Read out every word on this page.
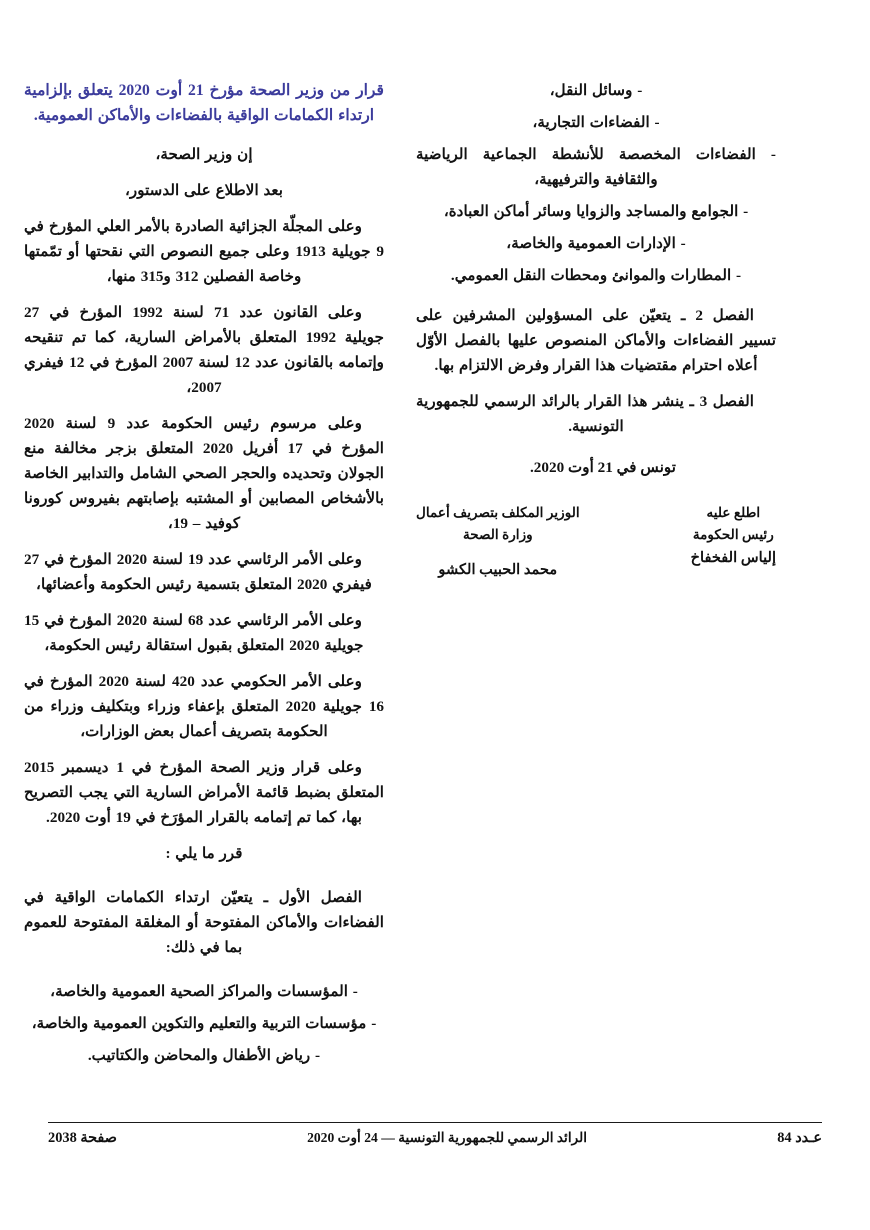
قرار من وزير الصحة مؤرخ 21 أوت 2020 يتعلق بإلزامية ارتداء الكمامات الواقية بالفضاءات والأماكن العمومية.
إن وزير الصحة،
بعد الاطلاع على الدستور،
وعلى المجلّة الجزائية الصادرة بالأمر العلي المؤرخ في 9 جويلية 1913 وعلى جميع النصوص التي نقحتها أو تمّمتها وخاصة الفصلين 312 و315 منها،
وعلى القانون عدد 71 لسنة 1992 المؤرخ في 27 جويلية 1992 المتعلق بالأمراض السارية، كما تم تنقيحه وإتمامه بالقانون عدد 12 لسنة 2007 المؤرخ في 12 فيفري 2007،
وعلى مرسوم رئيس الحكومة عدد 9 لسنة 2020 المؤرخ في 17 أفريل 2020 المتعلق بزجر مخالفة منع الجولان وتحديده والحجر الصحي الشامل والتدابير الخاصة بالأشخاص المصابين أو المشتبه بإصابتهم بفيروس كورونا كوفيد – 19،
وعلى الأمر الرئاسي عدد 19 لسنة 2020 المؤرخ في 27 فيفري 2020 المتعلق بتسمية رئيس الحكومة وأعضائها،
وعلى الأمر الرئاسي عدد 68 لسنة 2020 المؤرخ في 15 جويلية 2020 المتعلق بقبول استقالة رئيس الحكومة،
وعلى الأمر الحكومي عدد 420 لسنة 2020 المؤرخ في 16 جويلية 2020 المتعلق بإعفاء وزراء وبتكليف وزراء من الحكومة بتصريف أعمال بعض الوزارات،
وعلى قرار وزير الصحة المؤرخ في 1 ديسمبر 2015 المتعلق بضبط قائمة الأمراض السارية التي يجب التصريح بها، كما تم إتمامه بالقرار المؤرَخ في 19 أوت 2020.
قرر ما يلي :
الفصل الأول ـ يتعيّن ارتداء الكمامات الواقية في الفضاءات والأماكن المفتوحة أو المغلقة المفتوحة للعموم بما في ذلك:
- المؤسسات والمراكز الصحية العمومية والخاصة،
- مؤسسات التربية والتعليم والتكوين العمومية والخاصة،
- رياض الأطفال والمحاضن والكتاتيب.
- وسائل النقل،
- الفضاءات التجارية،
- الفضاءات المخصصة للأنشطة الجماعية الرياضية والثقافية والترفيهية،
- الجوامع والمساجد والزوايا وسائر أماكن العبادة،
- الإدارات العمومية والخاصة،
- المطارات والموانئ ومحطات النقل العمومي.
الفصل 2 ـ يتعيّن على المسؤولين المشرفين على تسيير الفضاءات والأماكن المنصوص عليها بالفصل الأوّل أعلاه احترام مقتضيات هذا القرار وفرض الالتزام بها.
الفصل 3 ـ ينشر هذا القرار بالرائد الرسمي للجمهورية التونسية.
تونس في 21 أوت 2020.
الوزير المكلف بتصريف أعمال
وزارة الصحة
محمد الحبيب الكشو
اطلع عليه
رئيس الحكومة
إلياس الفخفاخ
صفحة 2038	الرائد الرسمي للجمهورية التونسية — 24 أوت 2020	عـدد 84
